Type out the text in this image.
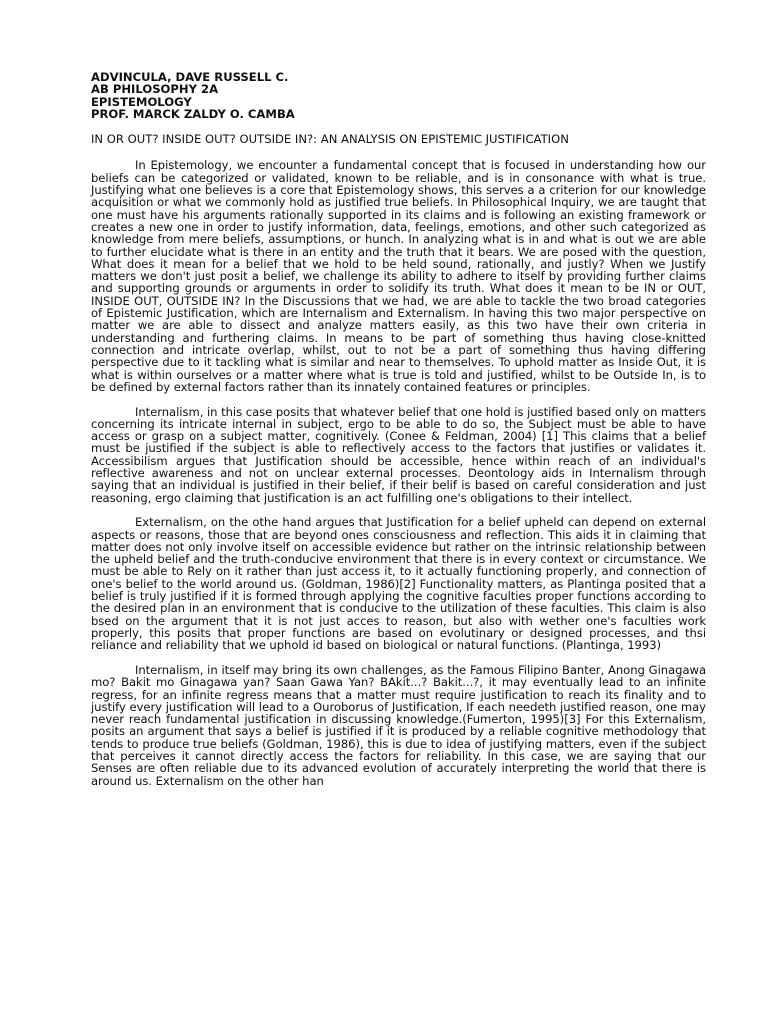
ADVINCULA, DAVE RUSSELL C.
AB PHILOSOPHY 2A
EPISTEMOLOGY
PROF. MARCK ZALDY O. CAMBA
IN OR OUT? INSIDE OUT? OUTSIDE IN?: AN ANALYSIS ON EPISTEMIC JUSTIFICATION

In Epistemology, we encounter a fundamental concept that is focused in understanding how our beliefs can be categorized or validated, known to be reliable, and is in consonance with what is true. Justifying what one believes is a core that Epistemology shows, this serves a a criterion for our knowledge acquisition or what we commonly hold as justified true beliefs. In Philosophical Inquiry, we are taught that one must have his arguments rationally supported in its claims and is following an existing framework or creates a new one in order to justify information, data, feelings, emotions, and other such categorized as knowledge from mere beliefs, assumptions, or hunch. In analyzing what is in and what is out we are able to further elucidate what is there in an entity and the truth that it bears. We are posed with the question, What does it mean for a belief that we hold to be held sound, rationally, and justly? When we Justify matters we don't just posit a belief, we challenge its ability to adhere to itself by providing further claims and supporting grounds or arguments in order to solidify its truth. What does it mean to be IN or OUT, INSIDE OUT, OUTSIDE IN? In the Discussions that we had, we are able to tackle the two broad categories of Epistemic Justification, which are Internalism and Externalism. In having this two major perspective on matter we are able to dissect and analyze matters easily, as this two have their own criteria in understanding and furthering claims. In means to be part of something thus having close-knitted connection and intricate overlap, whilst, out to not be a part of something thus having differing perspective due to it tackling what is similar and near to themselves. To uphold matter as Inside Out, it is what is within ourselves or a matter where what is true is told and justified, whilst to be Outside In, is to be defined by external factors rather than its innately contained features or principles.

Internalism, in this case posits that whatever belief that one hold is justified based only on matters concerning its intricate internal in subject, ergo to be able to do so, the Subject must be able to have access or grasp on a subject matter, cognitively. (Conee & Feldman, 2004) [1] This claims that a belief must be justified if the subject is able to reflectively access to the factors that justifies or validates it. Accessibilism argues that Justification should be accessible, hence within reach of an individual's reflective awareness and not on unclear external processes. Deontology aids in Internalism through saying that an individual is justified in their belief, if their belif is based on careful consideration and just reasoning, ergo claiming that justification is an act fulfilling one's obligations to their intellect.

Externalism, on the othe hand argues that Justification for a belief upheld can depend on external aspects or reasons, those that are beyond ones consciousness and reflection. This aids it in claiming that matter does not only involve itself on accessible evidence but rather on the intrinsic relationship between the upheld belief and the truth-conducive environment that there is in every context or circumstance. We must be able to Rely on it rather than just access it, to it actually functioning properly, and connection of one's belief to the world around us. (Goldman, 1986)[2] Functionality matters, as Plantinga posited that a belief is truly justified if it is formed through applying the cognitive faculties proper functions according to the desired plan in an environment that is conducive to the utilization of these faculties. This claim is also bsed on the argument that it is not just acces to reason, but also with wether one's faculties work properly, this posits that proper functions are based on evolutinary or designed processes, and thsi reliance and reliability that we uphold id based on biological or natural functions. (Plantinga, 1993)

Internalism, in itself may bring its own challenges, as the Famous Filipino Banter, Anong Ginagawa mo? Bakit mo Ginagawa yan? Saan Gawa Yan? BAkit...? Bakit...?, it may eventually lead to an infinite regress, for an infinite regress means that a matter must require justification to reach its finality and to justify every justification will lead to a Ouroborus of Justification, If each needeth justified reason, one may never reach fundamental justification in discussing knowledge.(Fumerton, 1995)[3] For this Externalism, posits an argument that says a belief is justified if it is produced by a reliable cognitive methodology that tends to produce true beliefs (Goldman, 1986), this is due to idea of justifying matters, even if the subject that perceives it cannot directly access the factors for reliability. In this case, we are saying that our Senses are often reliable due to its advanced evolution of accurately interpreting the world that there is around us. Externalism on the other han
